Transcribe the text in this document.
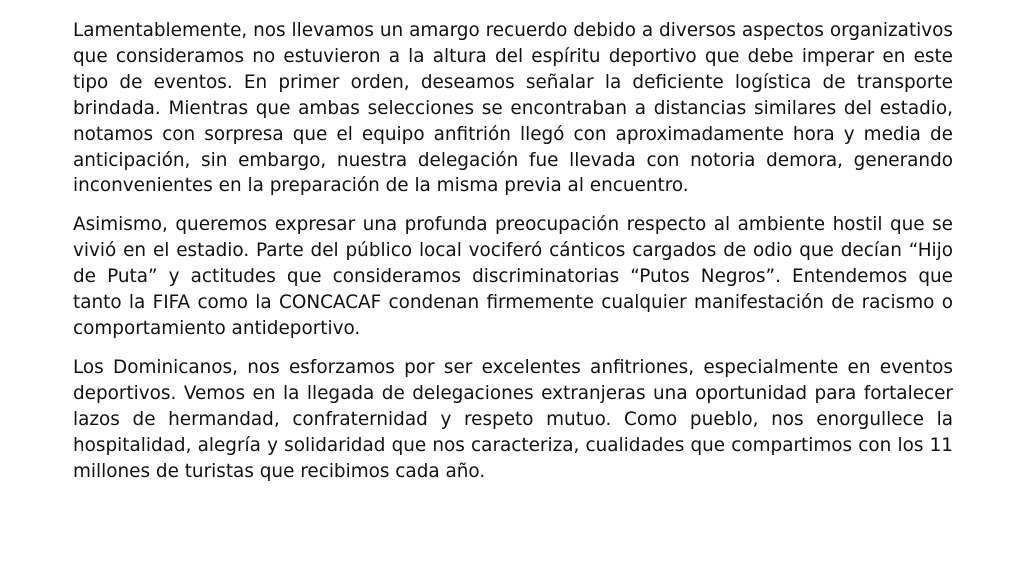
Lamentablemente, nos llevamos un amargo recuerdo debido a diversos aspectos organizativos que consideramos no estuvieron a la altura del espíritu deportivo que debe imperar en este tipo de eventos. En primer orden, deseamos señalar la deficiente logística de transporte brindada. Mientras que ambas selecciones se encontraban a distancias similares del estadio, notamos con sorpresa que el equipo anfitrión llegó con aproximadamente hora y media de anticipación, sin embargo, nuestra delegación fue llevada con notoria demora, generando inconvenientes en la preparación de la misma previa al encuentro.

Asimismo, queremos expresar una profunda preocupación respecto al ambiente hostil que se vivió en el estadio. Parte del público local vociferó cánticos cargados de odio que decían “Hijo de Puta” y actitudes que consideramos discriminatorias “Putos Negros”. Entendemos que tanto la FIFA como la CONCACAF condenan firmemente cualquier manifestación de racismo o comportamiento antideportivo.

Los Dominicanos, nos esforzamos por ser excelentes anfitriones, especialmente en eventos deportivos. Vemos en la llegada de delegaciones extranjeras una oportunidad para fortalecer lazos de hermandad, confraternidad y respeto mutuo. Como pueblo, nos enorgullece la hospitalidad, alegría y solidaridad que nos caracteriza, cualidades que compartimos con los 11 millones de turistas que recibimos cada año.
